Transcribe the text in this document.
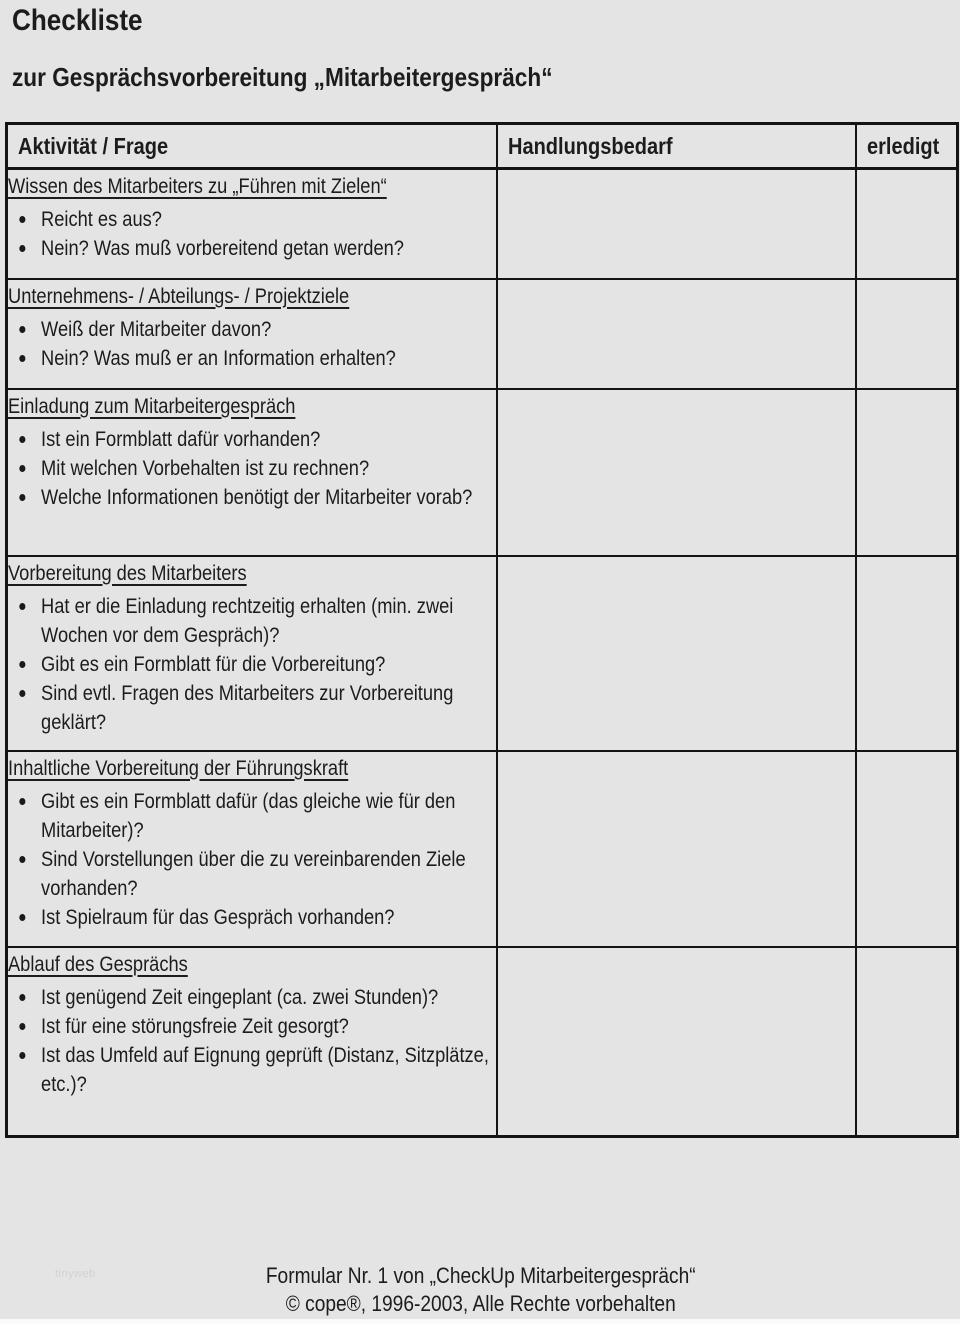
Checkliste
zur Gesprächsvorbereitung „Mitarbeitergespräch“
Aktivität / Frage	Handlungsbedarf	erledigt

Wissen des Mitarbeiters zu „Führen mit Zielen“
Reicht es aus?
Nein? Was muß vorbereitend getan werden?

Unternehmens- / Abteilungs- / Projektziele
Weiß der Mitarbeiter davon?
Nein? Was muß er an Information erhalten?

Einladung zum Mitarbeitergespräch
Ist ein Formblatt dafür vorhanden?
Mit welchen Vorbehalten ist zu rechnen?
Welche Informationen benötigt der Mitarbeiter vorab?

Vorbereitung des Mitarbeiters
Hat er die Einladung rechtzeitig erhalten (min. zwei Wochen vor dem Gespräch)?
Gibt es ein Formblatt für die Vorbereitung?
Sind evtl. Fragen des Mitarbeiters zur Vorbereitung geklärt?

Inhaltliche Vorbereitung der Führungskraft
Gibt es ein Formblatt dafür (das gleiche wie für den Mitarbeiter)?
Sind Vorstellungen über die zu vereinbarenden Ziele vorhanden?
Ist Spielraum für das Gespräch vorhanden?

Ablauf des Gesprächs
Ist genügend Zeit eingeplant (ca. zwei Stunden)?
Ist für eine störungsfreie Zeit gesorgt?
Ist das Umfeld auf Eignung geprüft (Distanz, Sitzplätze, etc.)?

tinyweb	Formular Nr. 1 von „CheckUp Mitarbeitergespräch“
© cope®, 1996-2003, Alle Rechte vorbehalten
